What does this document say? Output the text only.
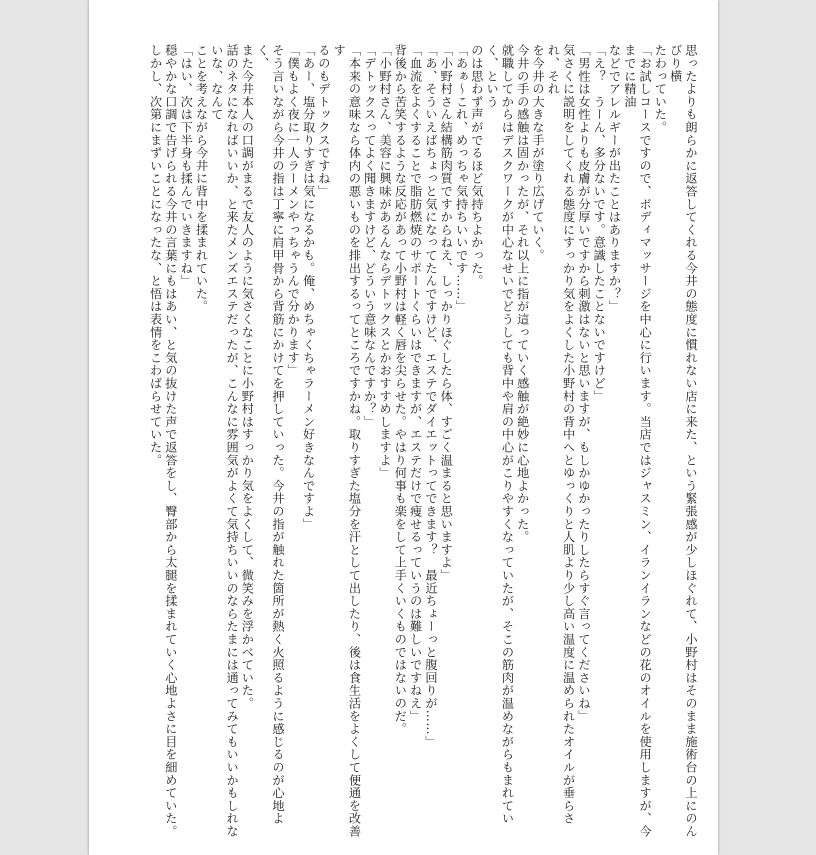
思ったよりも朗らかに返答してくれる今井の態度に慣れない店に来た、という緊張感が少しほぐれて、小野村はそのまま施術台の上にのんびり横

たわっていた。

「お試しコースですので、ボディマッサージを中心に行います。当店ではジャスミン、イランイランなどの花のオイルを使用しますが、今までに精油

などでアレルギーが出たことはありますか？」

「え？　うーん、多分ないです。意識したことないですけど」

「男性は女性よりも皮膚が分厚いですから刺激はないと思いますが、もしかゆかったりしたらすぐ言ってくださいね」

気さくに説明をしてくれる態度にすっかり気をよくした小野村の背中へとゆっくりと人肌より少し高い温度に温められたオイルが垂らされ、それ

を今井の大きな手が塗り広げていく。

今井の手の感触は固かったが、それ以上に指が這っていく感触が絶妙に心地よかった。

就職してからはデスクワークが中心なせいでどうしても背中や肩の中心がこりやすくなっていたが、そこの筋肉が温めながらもまれていく、という

のは思わず声がでるほど気持ちよかった。

「あぁ～これ、めっちゃ気持ちいいです……」

「小野村さん結構筋肉質ですからねえ、しっかりほぐしたら体、すごく温まると思いますよ」

「あ、そういえばちょっと気になってたんですけど、エステでダイエットってできます？　最近ちょーっと腹回りが……」

「血流をよくすることで脂肪燃焼のサポートくらいはできますが、エステだけで痩せるっていうのは難しいですねえ」

背後から苦笑するような反応があって小野村は軽く唇を尖らせた。やはり何事も楽をして上手くいくものではないのだ。

「小野村さん、美容に興味があるんならデトックスとかおすすめしますよ」

「デトックスってよく聞きますけど、どういう意味なんですか？」

「本来の意味なら体内の悪いものを排出するってところですかね。取りすぎた塩分を汗として出したり、後は食生活をよくして便通を改善す

るのもデトックスですね」

「あー、塩分取りすぎは気になるかも。俺、めちゃくちゃラーメン好きなんですよ」

「僕もよく夜に一人ラーメンやっちゃうんで分かります」

そう言いながら今井の指は丁寧に肩甲骨から背筋にかけてを押していった。今井の指が触れた箇所が熱く火照るように感じるのが心地よく、

また今井本人の口調がまるで友人のように気さくなことに小野村はすっかり気をよくして、微笑みを浮かべていた。

話のネタになればいいか、と来たメンズエステだったが、こんなに雰囲気がよくて気持ちいいのならたまには通ってみてもいいかもしれないな、なんて

ことを考えながら今井に背中を揉まれていた。

「はい、次は下半身も揉んでいきますね」

穏やかな口調で告げられる今井の言葉にもはあい、と気の抜けた声で返答をし、臀部から太腿を揉まれていく心地よさに目を細めていた。

しかし、次第にまずいことになったな、と悟は表情をこわばらせていた。
